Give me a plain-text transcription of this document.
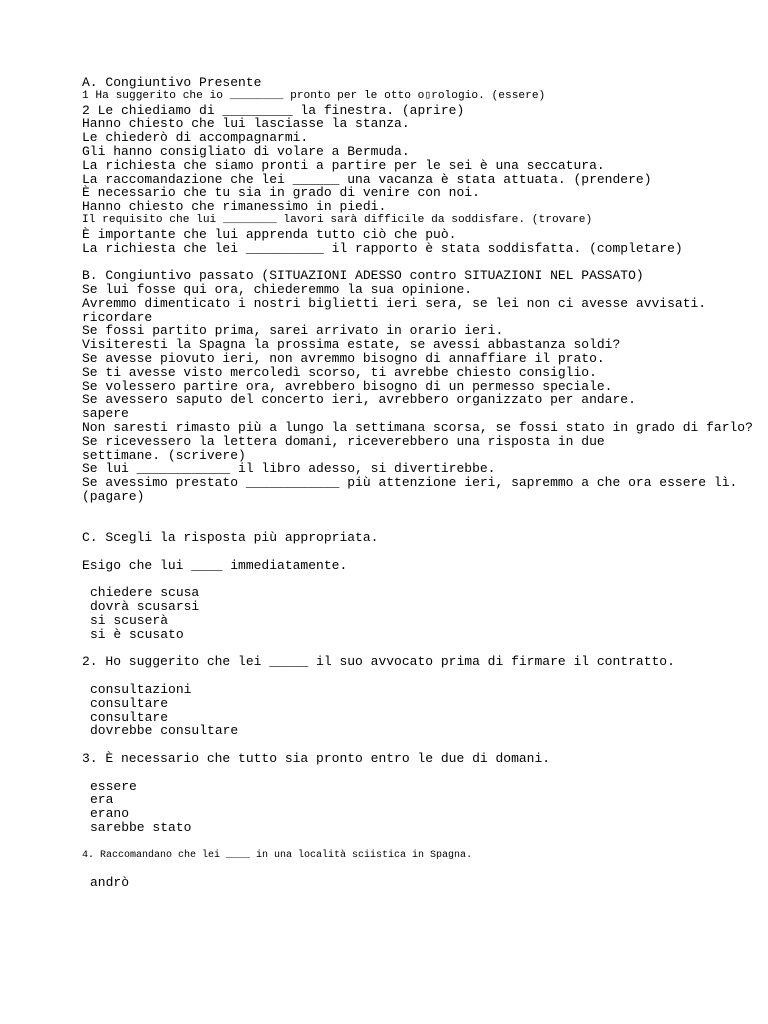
A. Congiuntivo Presente
1 Ha suggerito che io ________ pronto per le otto o▯rologio. (essere)
2 Le chiediamo di _________ la finestra. (aprire)
Hanno chiesto che lui lasciasse la stanza.
Le chiederò di accompagnarmi.
Gli hanno consigliato di volare a Bermuda.
La richiesta che siamo pronti a partire per le sei è una seccatura.
La raccomandazione che lei ______ una vacanza è stata attuata. (prendere)
È necessario che tu sia in grado di venire con noi.
Hanno chiesto che rimanessimo in piedi.
Il requisito che lui ________ lavori sarà difficile da soddisfare. (trovare)
È importante che lui apprenda tutto ciò che può.
La richiesta che lei __________ il rapporto è stata soddisfatta. (completare)
B. Congiuntivo passato (SITUAZIONI ADESSO contro SITUAZIONI NEL PASSATO)
Se lui fosse qui ora, chiederemmo la sua opinione.
Avremmo dimenticato i nostri biglietti ieri sera, se lei non ci avesse avvisati.
ricordare
Se fossi partito prima, sarei arrivato in orario ieri.
Visiteresti la Spagna la prossima estate, se avessi abbastanza soldi?
Se avesse piovuto ieri, non avremmo bisogno di annaffiare il prato.
Se ti avesse visto mercoledì scorso, ti avrebbe chiesto consiglio.
Se volessero partire ora, avrebbero bisogno di un permesso speciale.
Se avessero saputo del concerto ieri, avrebbero organizzato per andare.
sapere
Non saresti rimasto più a lungo la settimana scorsa, se fossi stato in grado di farlo?
Se ricevessero la lettera domani, riceverebbero una risposta in due
settimane. (scrivere)
Se lui ____________ il libro adesso, si divertirebbe.
Se avessimo prestato ____________ più attenzione ieri, sapremmo a che ora essere lì.
(pagare)
C. Scegli la risposta più appropriata.
Esigo che lui ____ immediatamente.
chiedere scusa
dovrà scusarsi
si scuserà
si è scusato
2. Ho suggerito che lei _____ il suo avvocato prima di firmare il contratto.
consultazioni
consultare
consultare
dovrebbe consultare
3. È necessario che tutto sia pronto entro le due di domani.
essere
era
erano
sarebbe stato
4. Raccomandano che lei ____ in una località sciistica in Spagna.
andrò
